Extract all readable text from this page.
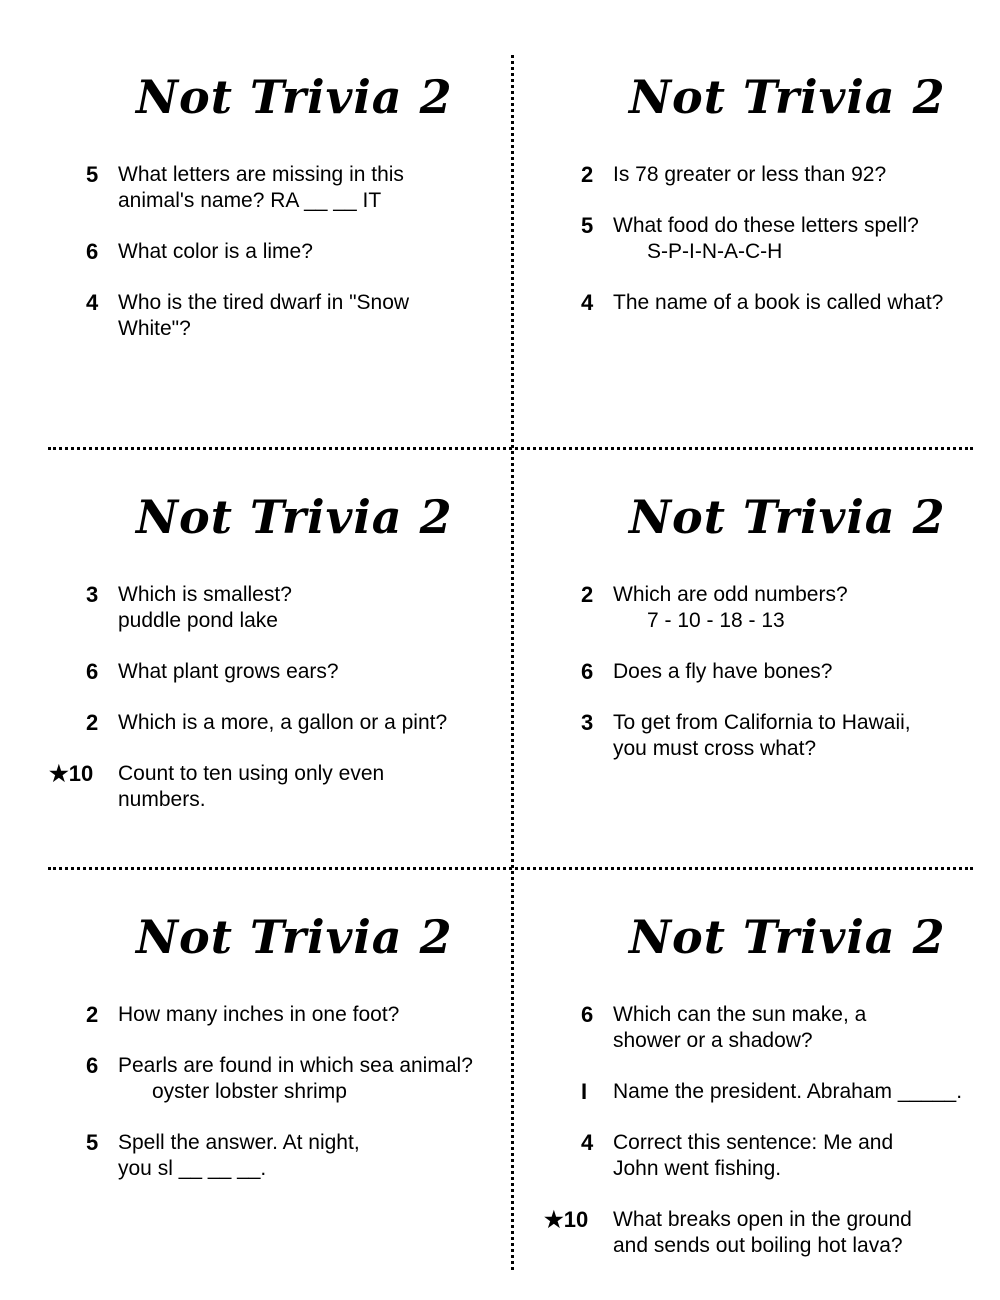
Not Trivia 2
5 What letters are missing in this
animal's name? RA __ __ IT
6 What color is a lime?
4 Who is the tired dwarf in "Snow
White"?
Not Trivia 2
2 Is 78 greater or less than 92?
5 What food do these letters spell?
S-P-I-N-A-C-H
4 The name of a book is called what?
Not Trivia 2
3 Which is smallest?
puddle pond lake
6 What plant grows ears?
2 Which is a more, a gallon or a pint?
★10 Count to ten using only even
numbers.
Not Trivia 2
2 Which are odd numbers?
7 - 10 - 18 - 13
6 Does a fly have bones?
3 To get from California to Hawaii,
you must cross what?
Not Trivia 2
2 How many inches in one foot?
6 Pearls are found in which sea animal?
oyster lobster shrimp
5 Spell the answer. At night,
you sl __ __ __.
Not Trivia 2
6 Which can the sun make, a
shower or a shadow?
I Name the president. Abraham _____.
4 Correct this sentence: Me and
John went fishing.
★10 What breaks open in the ground
and sends out boiling hot lava?
